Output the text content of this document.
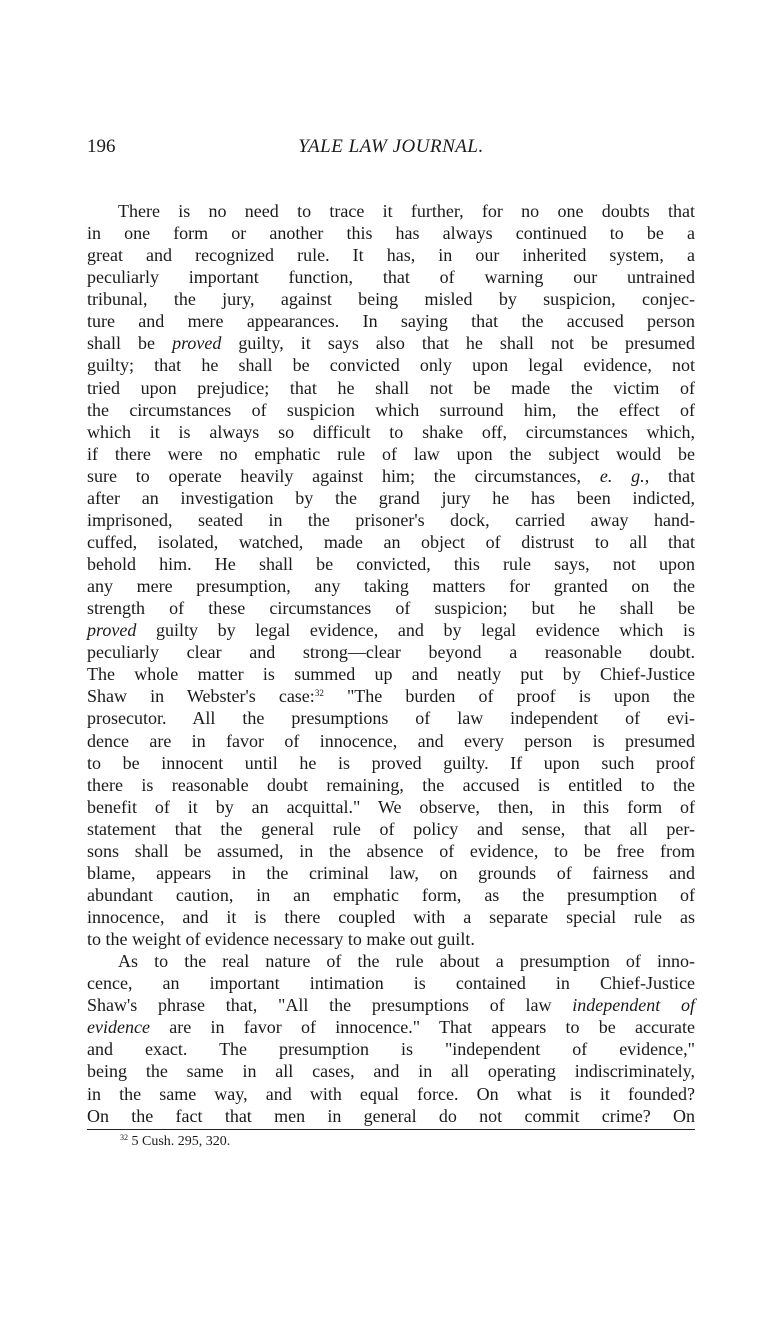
196	YALE LAW JOURNAL.
There is no need to trace it further, for no one doubts that
in one form or another this has always continued to be a
great and recognized rule. It has, in our inherited system, a
peculiarly important function, that of warning our untrained
tribunal, the jury, against being misled by suspicion, conjec-
ture and mere appearances. In saying that the accused person
shall be proved guilty, it says also that he shall not be presumed
guilty; that he shall be convicted only upon legal evidence, not
tried upon prejudice; that he shall not be made the victim of
the circumstances of suspicion which surround him, the effect of
which it is always so difficult to shake off, circumstances which,
if there were no emphatic rule of law upon the subject would be
sure to operate heavily against him; the circumstances, e. g., that
after an investigation by the grand jury he has been indicted,
imprisoned, seated in the prisoner's dock, carried away hand-
cuffed, isolated, watched, made an object of distrust to all that
behold him. He shall be convicted, this rule says, not upon
any mere presumption, any taking matters for granted on the
strength of these circumstances of suspicion; but he shall be
proved guilty by legal evidence, and by legal evidence which is
peculiarly clear and strong—clear beyond a reasonable doubt.
The whole matter is summed up and neatly put by Chief-Justice
Shaw in Webster's case:$^{32}$ "The burden of proof is upon the
prosecutor. All the presumptions of law independent of evi-
dence are in favor of innocence, and every person is presumed
to be innocent until he is proved guilty. If upon such proof
there is reasonable doubt remaining, the accused is entitled to the
benefit of it by an acquittal." We observe, then, in this form of
statement that the general rule of policy and sense, that all per-
sons shall be assumed, in the absence of evidence, to be free from
blame, appears in the criminal law, on grounds of fairness and
abundant caution, in an emphatic form, as the presumption of
innocence, and it is there coupled with a separate special rule as
to the weight of evidence necessary to make out guilt.
As to the real nature of the rule about a presumption of inno-
cence, an important intimation is contained in Chief-Justice
Shaw's phrase that, "All the presumptions of law independent of
evidence are in favor of innocence." That appears to be accurate
and exact. The presumption is "independent of evidence,"
being the same in all cases, and in all operating indiscriminately,
in the same way, and with equal force. On what is it founded?
On the fact that men in general do not commit crime? On
$^{32}$ 5 Cush. 295, 320.
